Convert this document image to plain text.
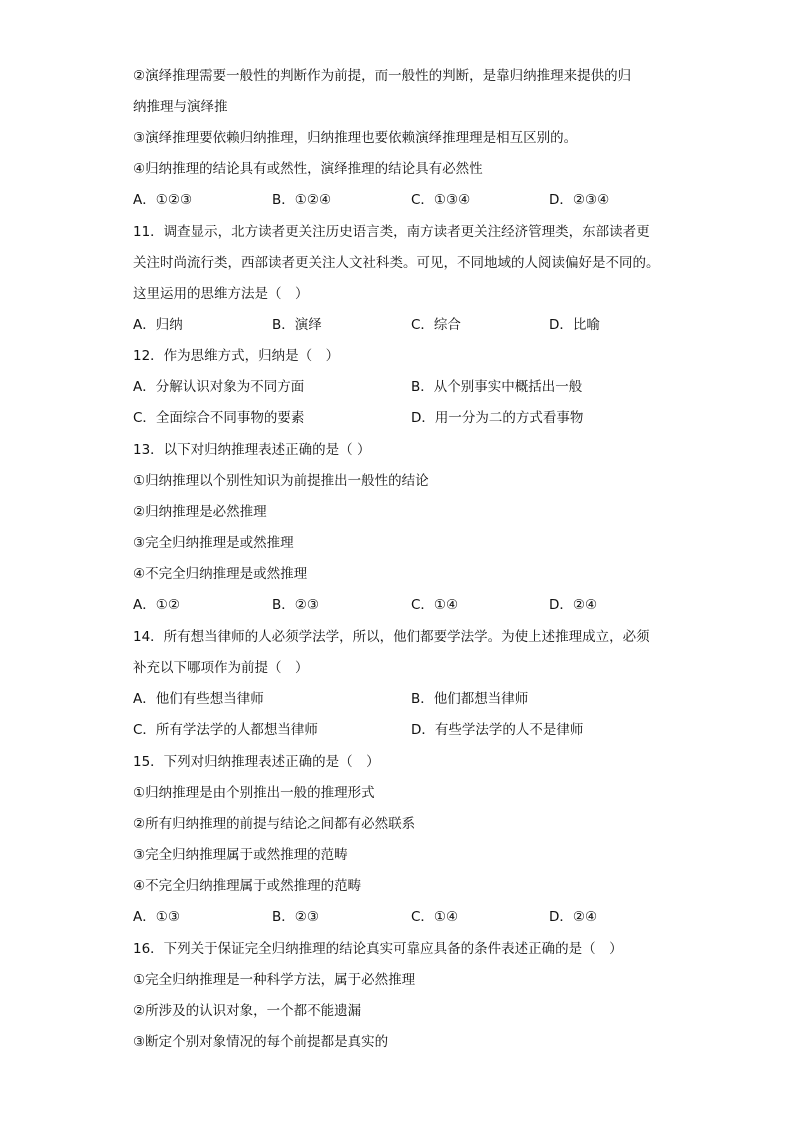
②演绎推理需要一般性的判断作为前提，而一般性的判断，是靠归纳推理来提供的归
纳推理与演绎推
③演绎推理要依赖归纳推理，归纳推理也要依赖演绎推理理是相互区别的。
④归纳推理的结论具有或然性，演绎推理的结论具有必然性
A．①②③	B．①②④	C．①③④	D．②③④
11．调查显示，北方读者更关注历史语言类，南方读者更关注经济管理类，东部读者更
关注时尚流行类，西部读者更关注人文社科类。可见，不同地域的人阅读偏好是不同的。
这里运用的思维方法是（　）
A．归纳	B．演绎	C．综合	D．比喻
12．作为思维方式，归纳是（　）
A．分解认识对象为不同方面	B．从个别事实中概括出一般
C．全面综合不同事物的要素	D．用一分为二的方式看事物
13．以下对归纳推理表述正确的是（ ）
①归纳推理以个别性知识为前提推出一般性的结论
②归纳推理是必然推理
③完全归纳推理是或然推理
④不完全归纳推理是或然推理
A．①②	B．②③	C．①④	D．②④
14．所有想当律师的人必须学法学，所以，他们都要学法学。为使上述推理成立，必须
补充以下哪项作为前提（　）
A．他们有些想当律师	B．他们都想当律师
C．所有学法学的人都想当律师	D．有些学法学的人不是律师
15．下列对归纳推理表述正确的是（　）
①归纳推理是由个别推出一般的推理形式
②所有归纳推理的前提与结论之间都有必然联系
③完全归纳推理属于或然推理的范畴
④不完全归纳推理属于或然推理的范畴
A．①③	B．②③	C．①④	D．②④
16．下列关于保证完全归纳推理的结论真实可靠应具备的条件表述正确的是（　）
①完全归纳推理是一种科学方法，属于必然推理
②所涉及的认识对象，一个都不能遗漏
③断定个别对象情况的每个前提都是真实的
